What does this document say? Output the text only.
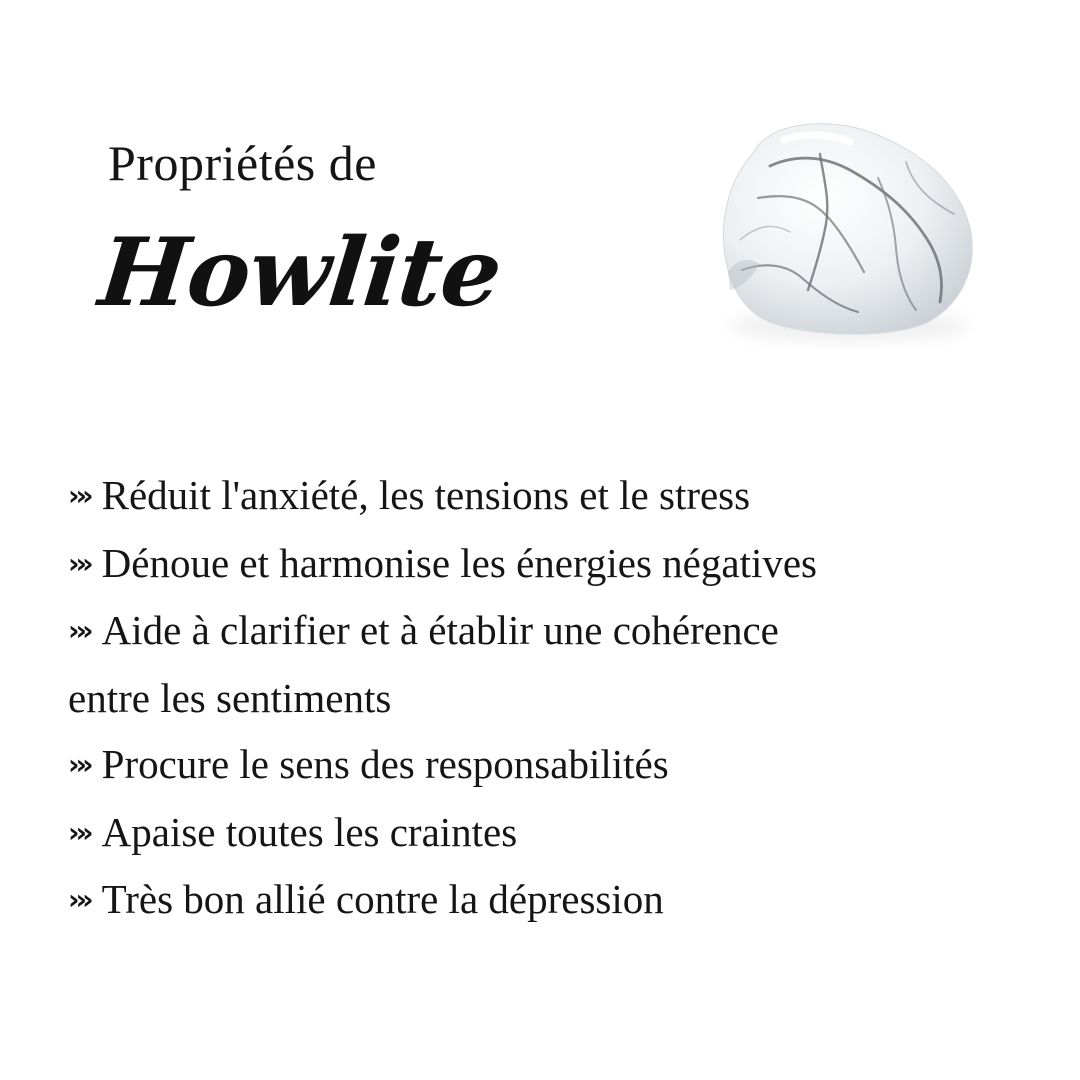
Propriétés de
Howlite
›» Réduit l'anxiété, les tensions et le stress
›» Dénoue et harmonise les énergies négatives
›» Aide à clarifier et à établir une cohérence
entre les sentiments
›» Procure le sens des responsabilités
›» Apaise toutes les craintes
›» Très bon allié contre la dépression
